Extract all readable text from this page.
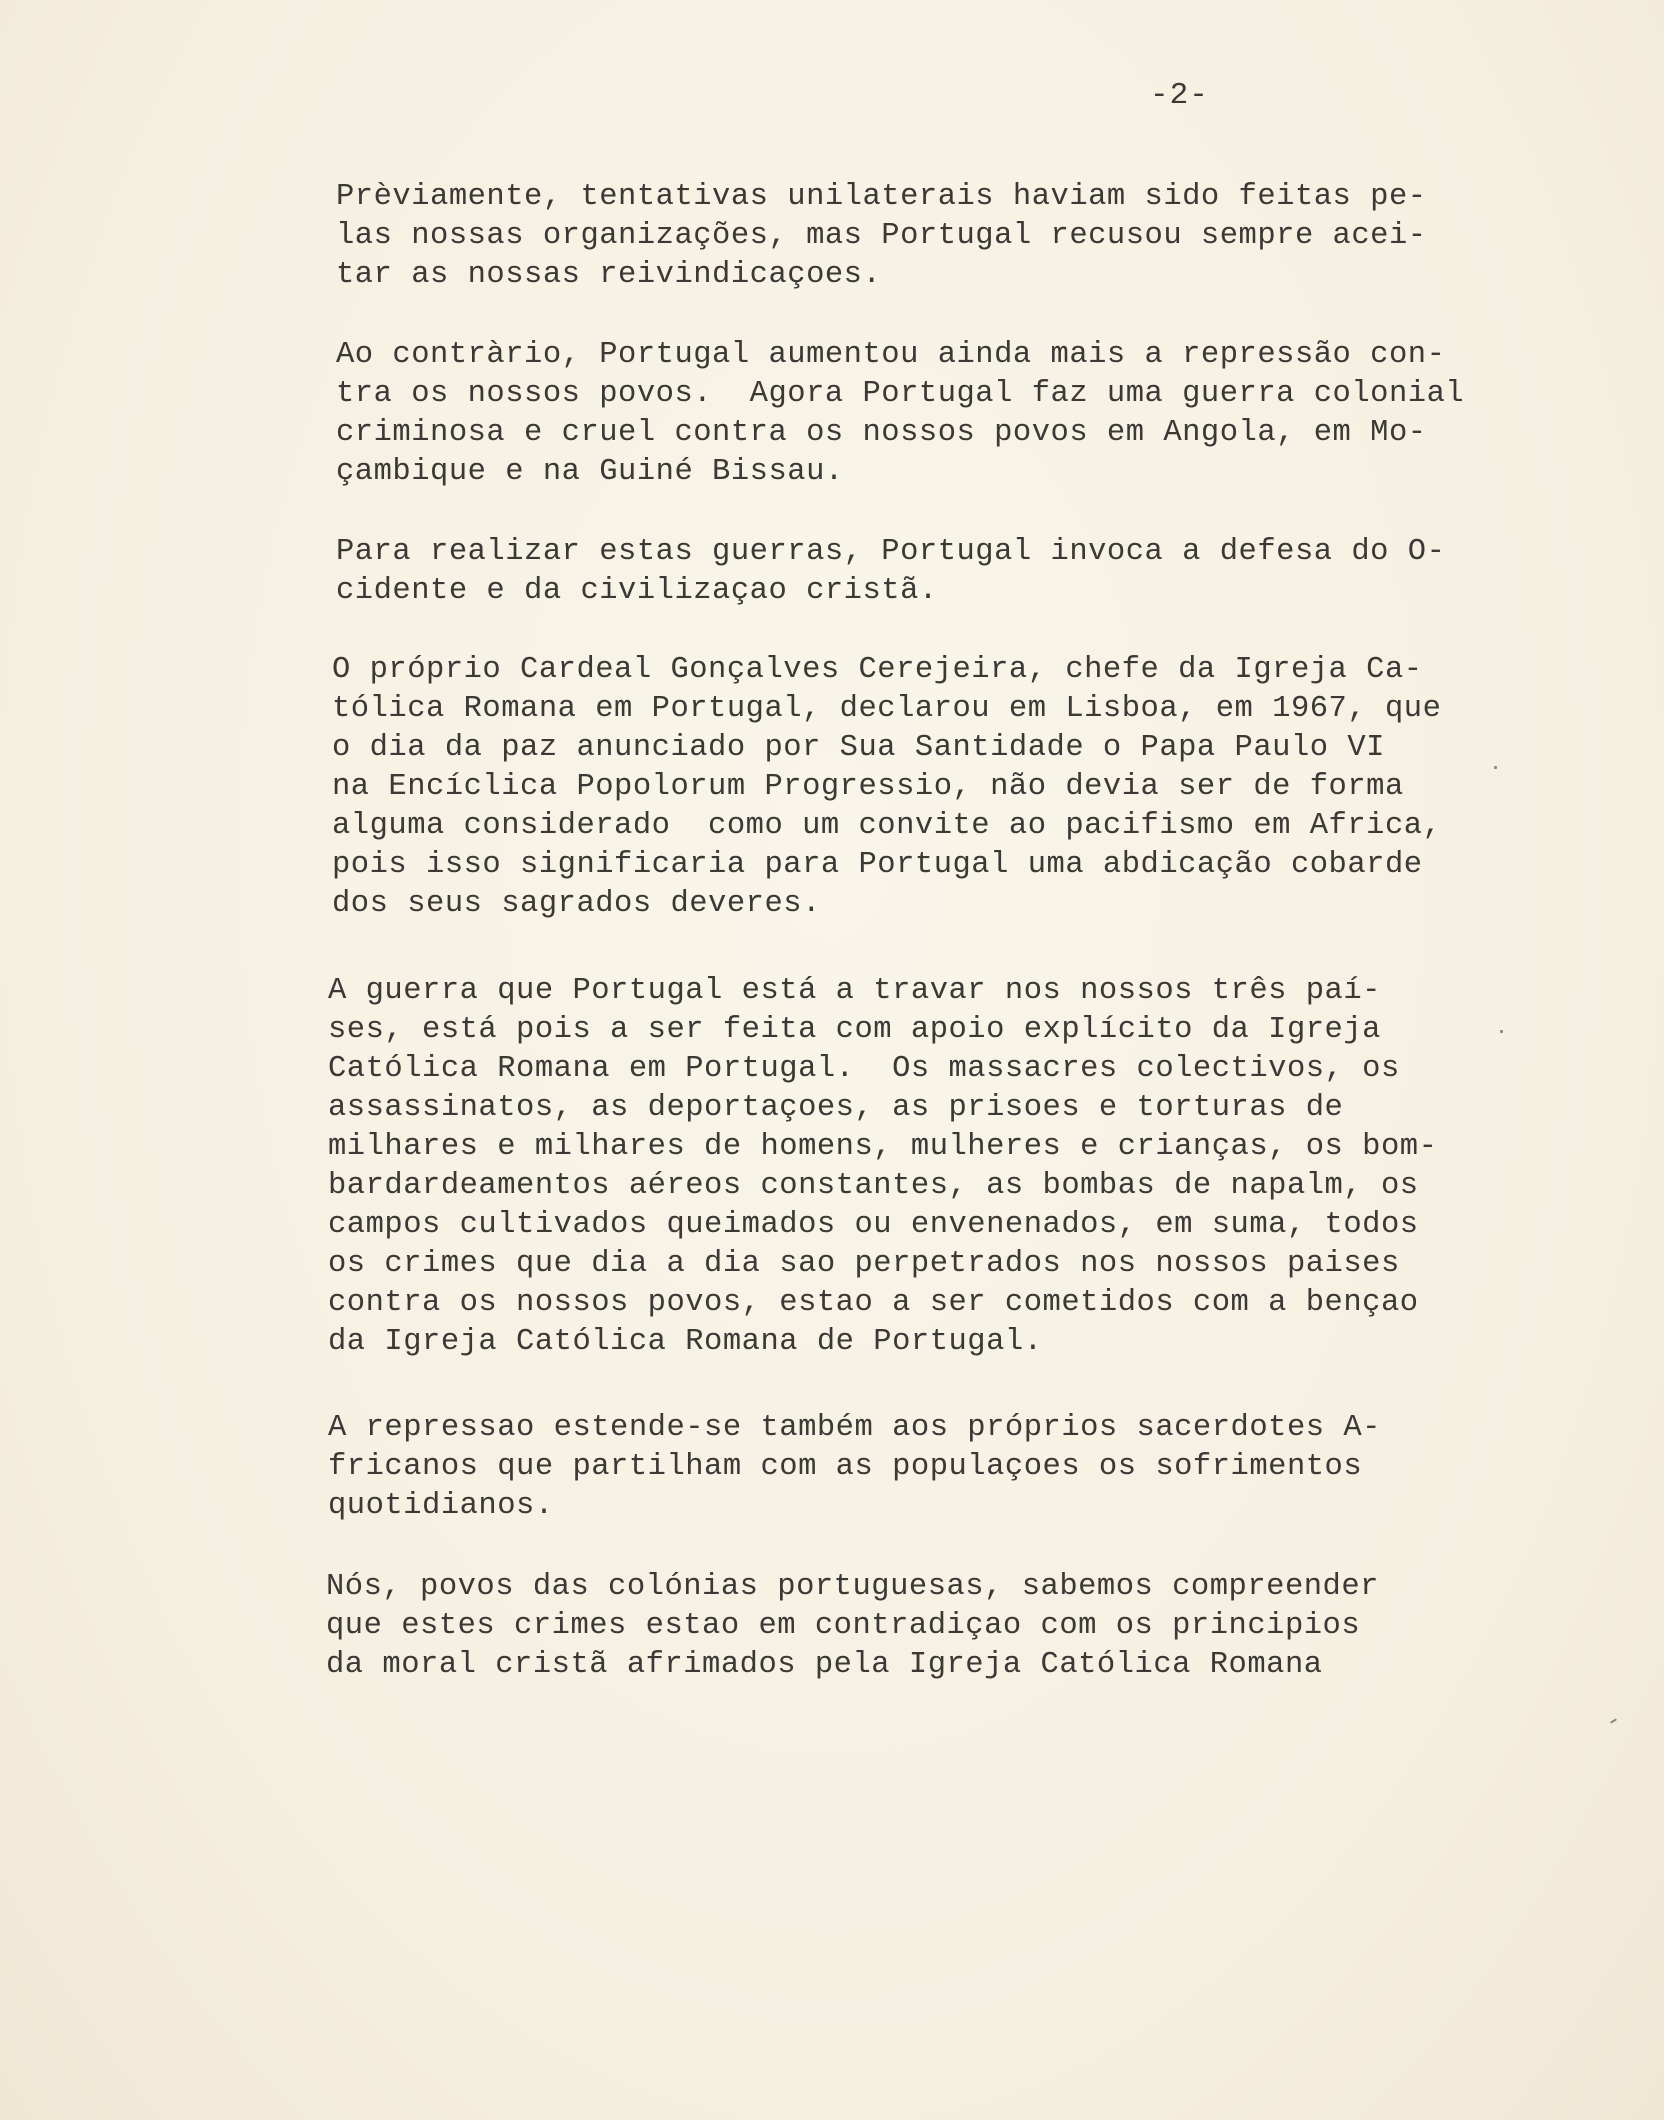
-2-

Prèviamente, tentativas unilaterais haviam sido feitas pe-
las nossas organizações, mas Portugal recusou sempre acei-
tar as nossas reivindicaçoes.

Ao contràrio, Portugal aumentou ainda mais a repressão con-
tra os nossos povos.  Agora Portugal faz uma guerra colonial
criminosa e cruel contra os nossos povos em Angola, em Mo-
çambique e na Guiné Bissau.

Para realizar estas guerras, Portugal invoca a defesa do O-
cidente e da civilizaçao cristã.

O próprio Cardeal Gonçalves Cerejeira, chefe da Igreja Ca-
tólica Romana em Portugal, declarou em Lisboa, em 1967, que
o dia da paz anunciado por Sua Santidade o Papa Paulo VI
na Encíclica Popolorum Progressio, não devia ser de forma
alguma considerado  como um convite ao pacifismo em Africa,
pois isso significaria para Portugal uma abdicação cobarde
dos seus sagrados deveres.

A guerra que Portugal está a travar nos nossos três paí-
ses, está pois a ser feita com apoio explícito da Igreja
Católica Romana em Portugal.  Os massacres colectivos, os
assassinatos, as deportaçoes, as prisoes e torturas de
milhares e milhares de homens, mulheres e crianças, os bom-
bardardeamentos aéreos constantes, as bombas de napalm, os
campos cultivados queimados ou envenenados, em suma, todos
os crimes que dia a dia sao perpetrados nos nossos paises
contra os nossos povos, estao a ser cometidos com a bençao
da Igreja Católica Romana de Portugal.

A repressao estende-se também aos próprios sacerdotes A-
fricanos que partilham com as populaçoes os sofrimentos
quotidianos.

Nós, povos das colónias portuguesas, sabemos compreender
que estes crimes estao em contradiçao com os principios
da moral cristã afrimados pela Igreja Católica Romana
